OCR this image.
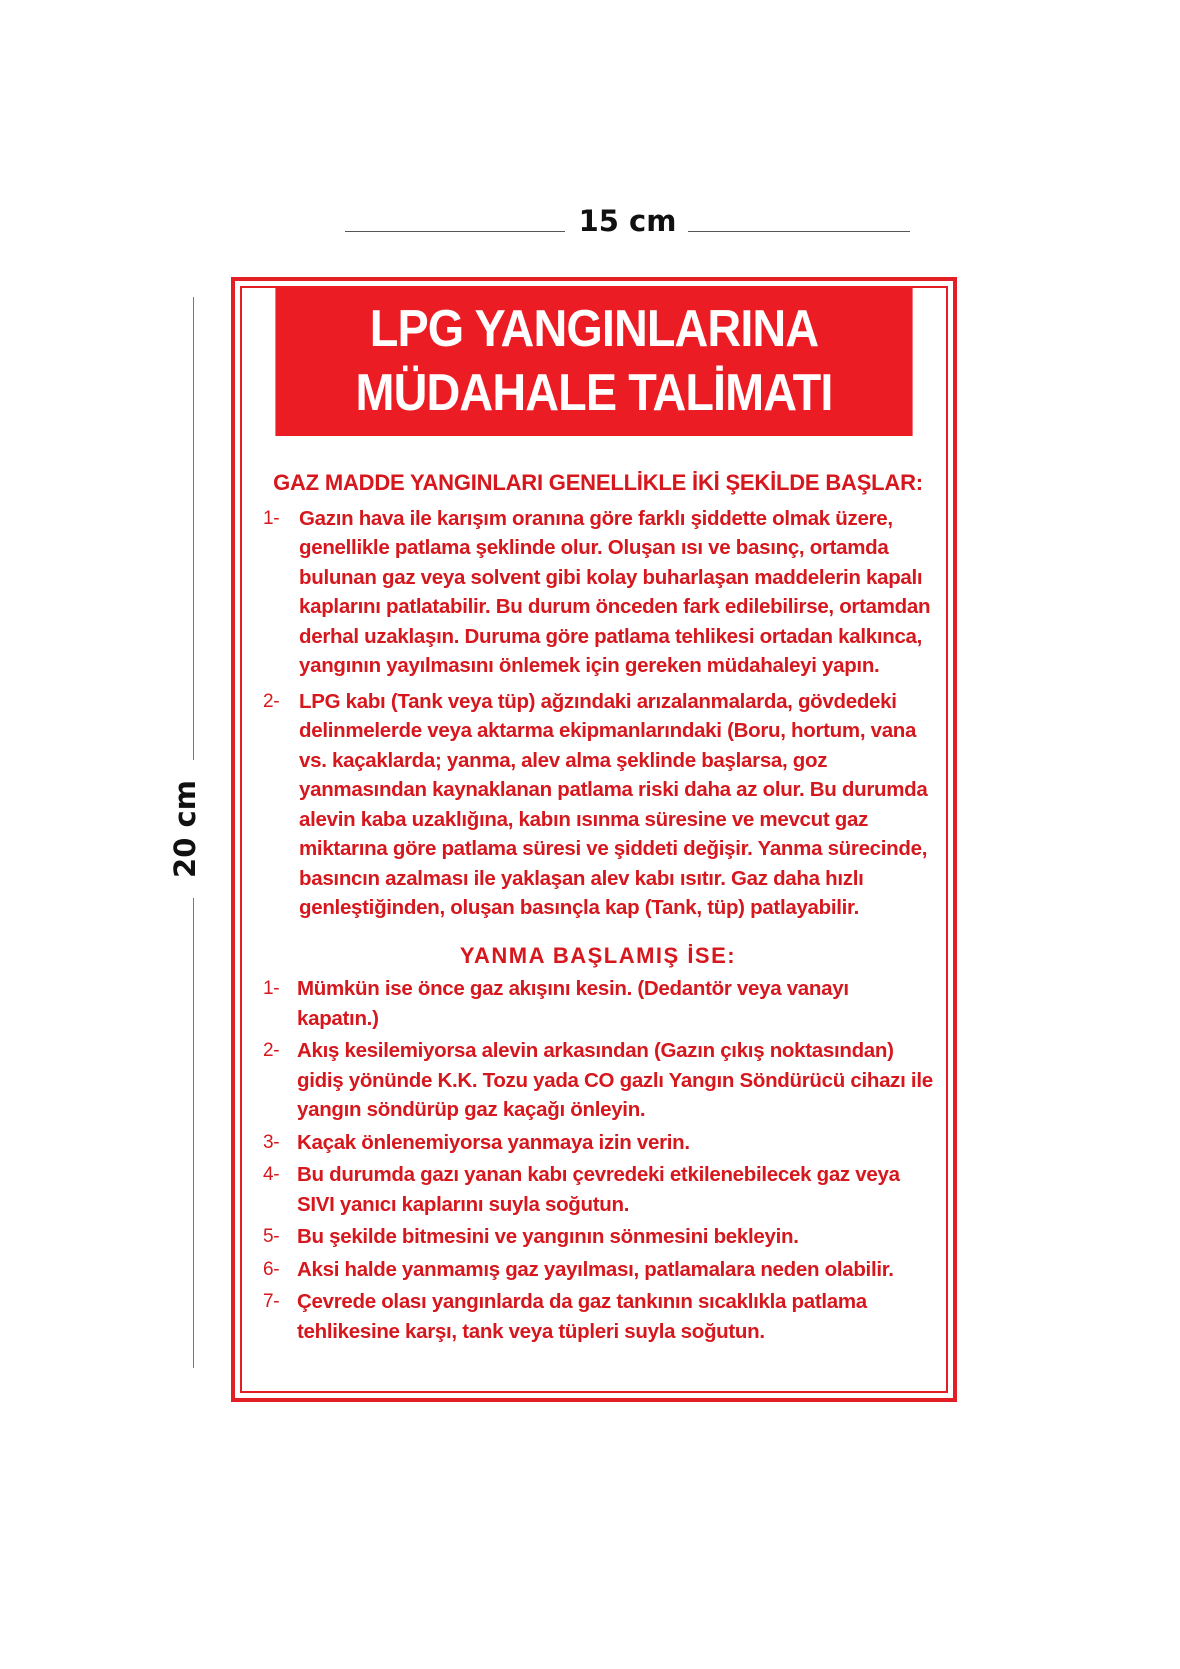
15 cm
20 cm
LPG YANGINLARINA
MÜDAHALE TALİMATI
GAZ MADDE YANGINLARI GENELLİKLE İKİ ŞEKİLDE BAŞLAR:
1- Gazın hava ile karışım oranına göre farklı şiddette olmak üzere, genellikle patlama şeklinde olur. Oluşan ısı ve basınç, ortamda bulunan gaz veya solvent gibi kolay buharlaşan maddelerin kapalı kaplarını patlatabilir. Bu durum önceden fark edilebilirse, ortamdan derhal uzaklaşın. Duruma göre patlama tehlikesi ortadan kalkınca, yangının yayılmasını önlemek için gereken müdahaleyi yapın.
2- LPG kabı (Tank veya tüp) ağzındaki arızalanmalarda, gövdedeki delinmelerde veya aktarma ekipmanlarındaki (Boru, hortum, vana vs. kaçaklarda; yanma, alev alma şeklinde başlarsa, goz yanmasından kaynaklanan patlama riski daha az olur. Bu durumda alevin kaba uzaklığına, kabın ısınma süresine ve mevcut gaz miktarına göre patlama süresi ve şiddeti değişir. Yanma sürecinde, basıncın azalması ile yaklaşan alev kabı ısıtır. Gaz daha hızlı genleştiğinden, oluşan basınçla kap (Tank, tüp) patlayabilir.
YANMA BAŞLAMIŞ İSE:
1- Mümkün ise önce gaz akışını kesin. (Dedantör veya vanayı kapatın.)
2- Akış kesilemiyorsa alevin arkasından (Gazın çıkış noktasından) gidiş yönünde K.K. Tozu yada CO gazlı Yangın Söndürücü cihazı ile yangın söndürüp gaz kaçağı önleyin.
3- Kaçak önlenemiyorsa yanmaya izin verin.
4- Bu durumda gazı yanan kabı çevredeki etkilenebilecek gaz veya SIVI yanıcı kaplarını suyla soğutun.
5- Bu şekilde bitmesini ve yangının sönmesini bekleyin.
6- Aksi halde yanmamış gaz yayılması, patlamalara neden olabilir.
7- Çevrede olası yangınlarda da gaz tankının sıcaklıkla patlama tehlikesine karşı, tank veya tüpleri suyla soğutun.
